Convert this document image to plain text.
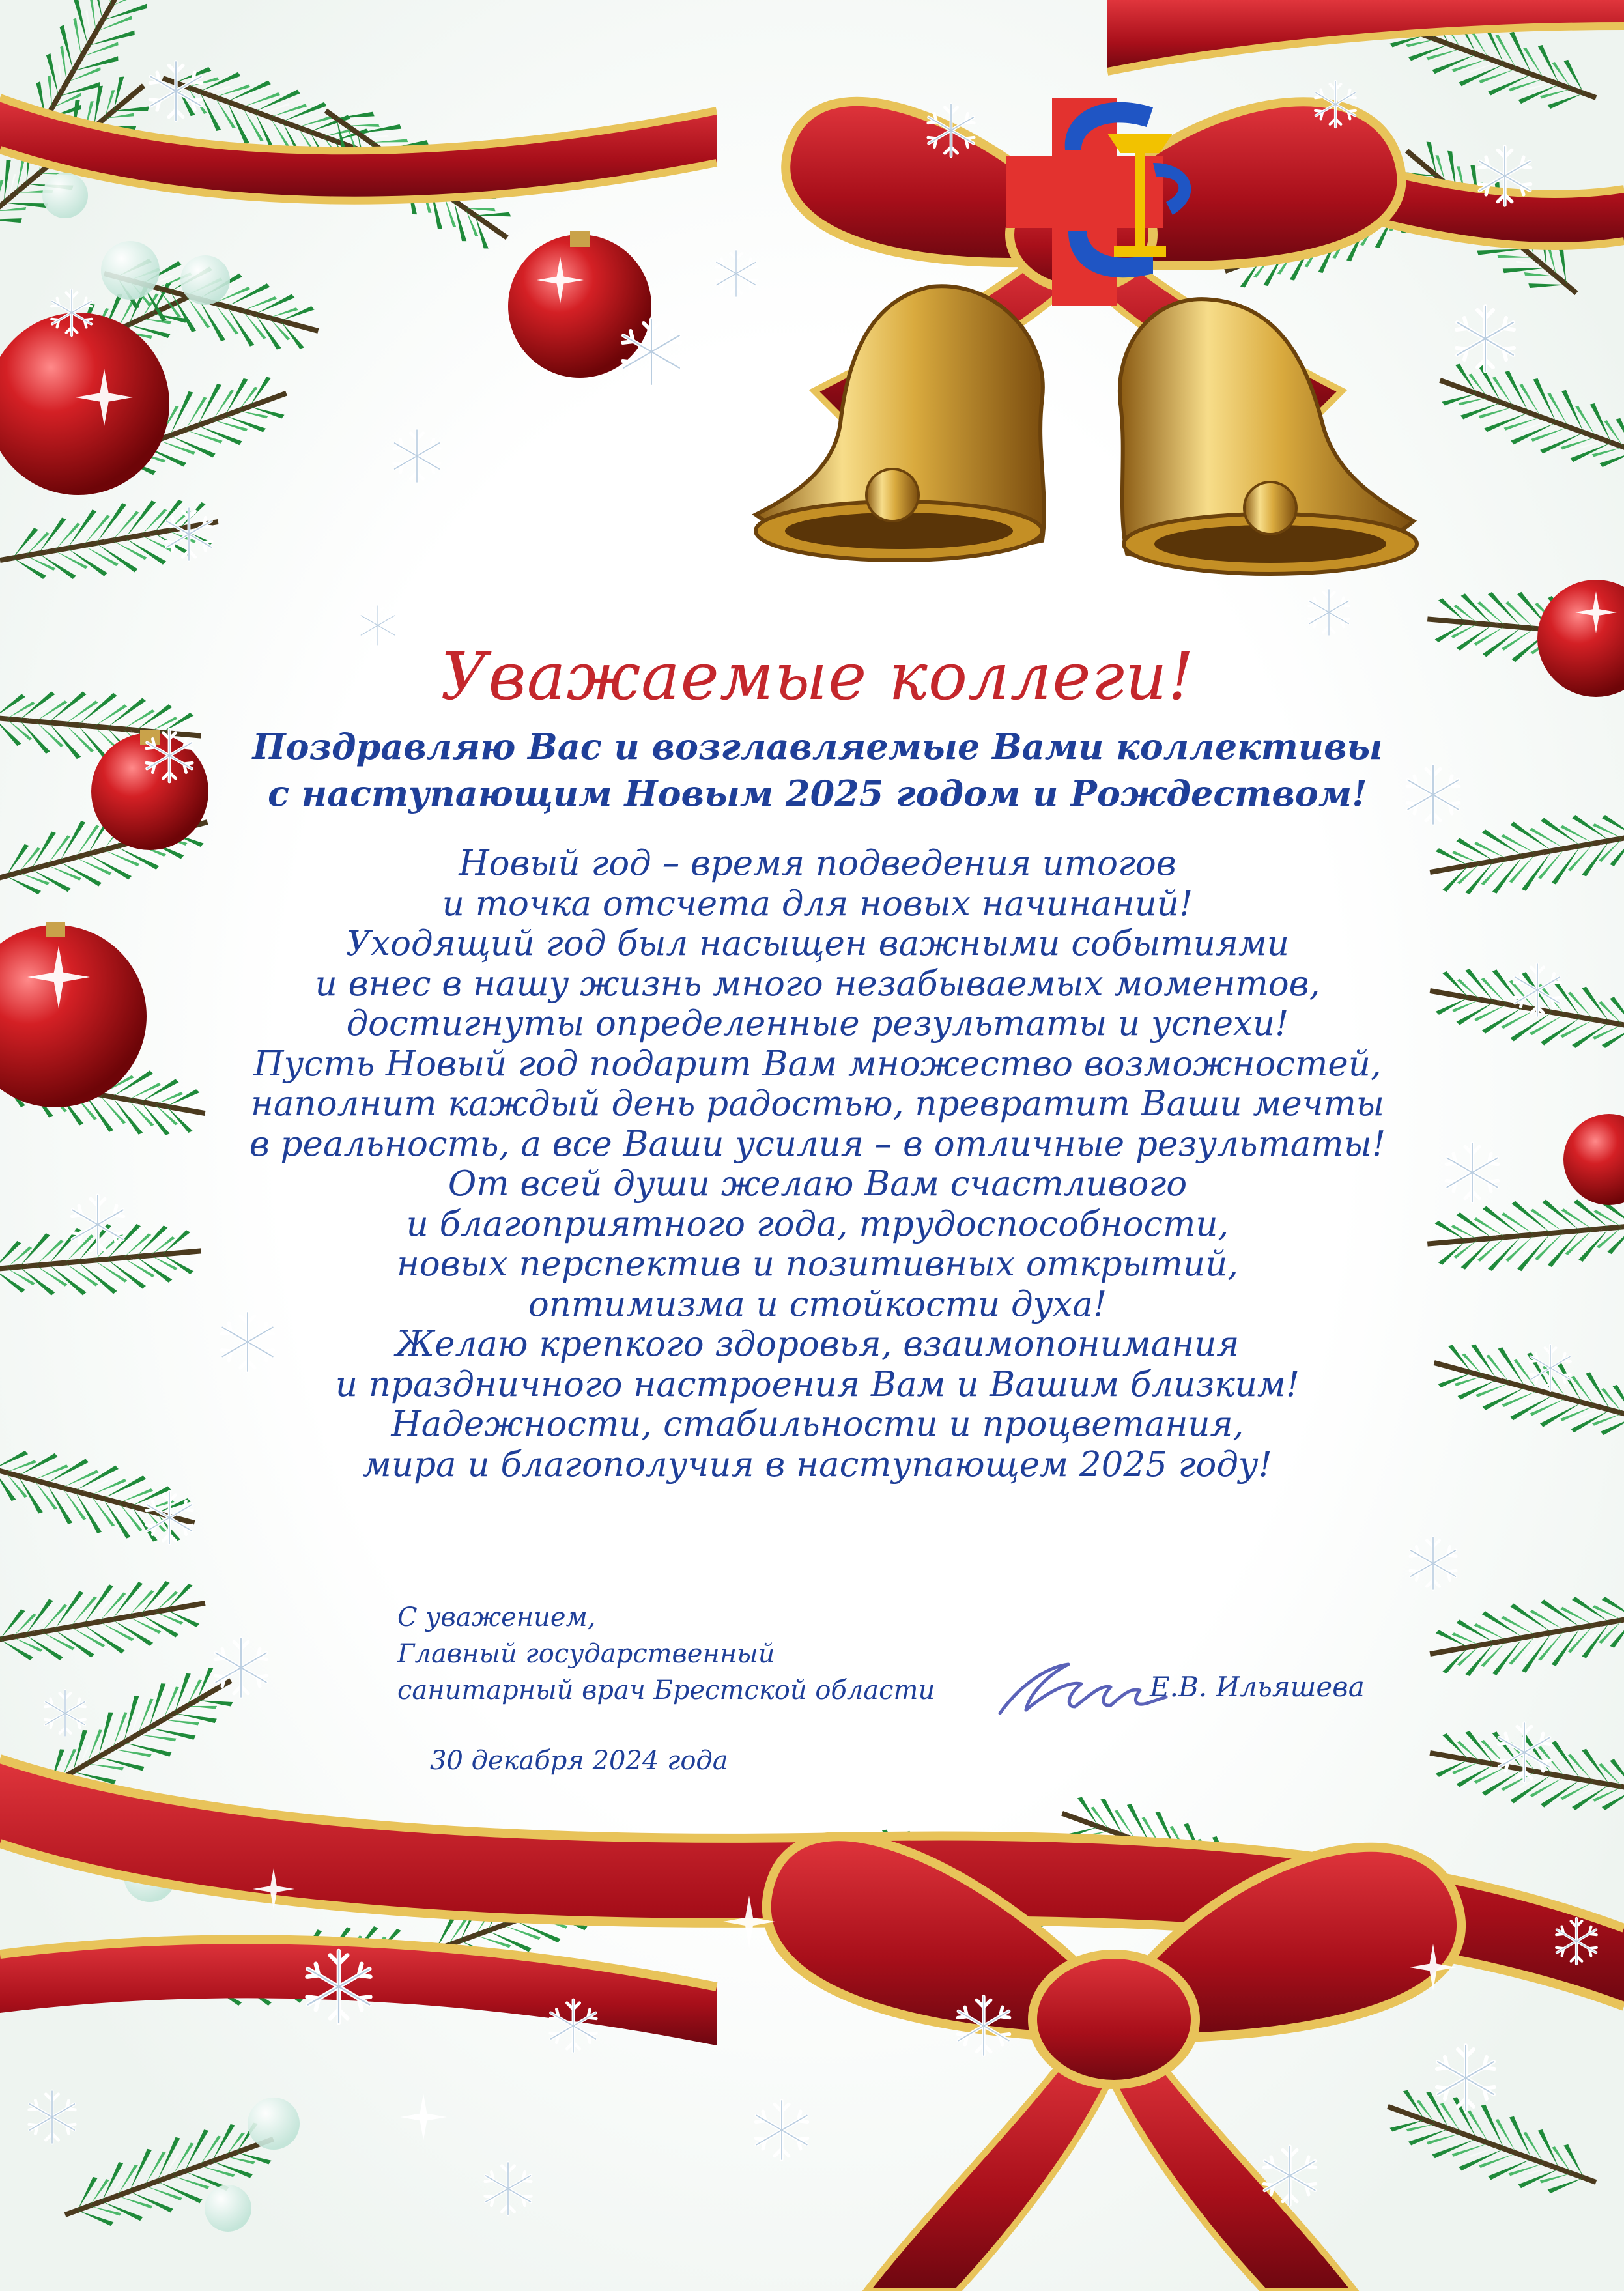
Уважаемые коллеги!
Поздравляю Вас и возглавляемые Вами коллективы
с наступающим Новым 2025 годом и Рождеством!
Новый год – время подведения итогов
и точка отсчета для новых начинаний!
Уходящий год был насыщен важными событиями
и внес в нашу жизнь много незабываемых моментов,
достигнуты определенные результаты и успехи!
Пусть Новый год подарит Вам множество возможностей,
наполнит каждый день радостью, превратит Ваши мечты
в реальность, а все Ваши усилия – в отличные результаты!
От всей души желаю Вам счастливого
и благоприятного года, трудоспособности,
новых перспектив и позитивных открытий,
оптимизма и стойкости духа!
Желаю крепкого здоровья, взаимопонимания
и праздничного настроения Вам и Вашим близким!
Надежности, стабильности и процветания,
мира и благополучия в наступающем 2025 году!
С уважением,
Главный государственный
санитарный врач Брестской области	Е.В. Ильяшева
30 декабря 2024 года
